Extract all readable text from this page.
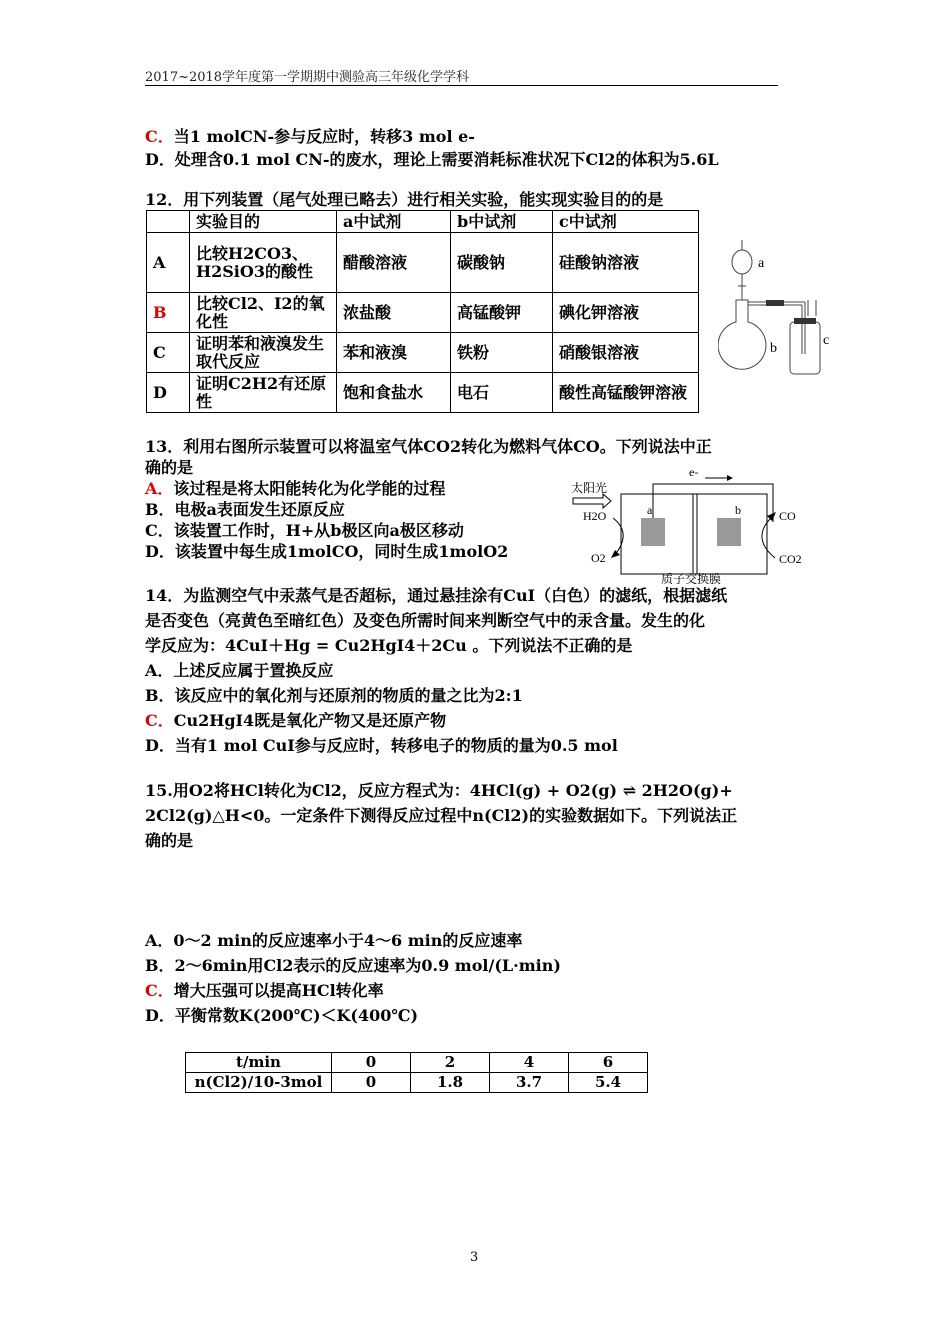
2017~2018学年度第一学期期中测验高三年级化学学科
C．当1 molCN-参与反应时，转移3 mol e-
D．处理含0.1 mol CN-的废水，理论上需要消耗标准状况下Cl2的体积为5.6L
12．用下列装置（尾气处理已略去）进行相关实验，能实现实验目的的是
	实验目的	a中试剂	b中试剂	c中试剂
A	比较H2CO3、H2SiO3的酸性	醋酸溶液	碳酸钠	硅酸钠溶液
B	比较Cl2、I2的氧化性	浓盐酸	高锰酸钾	碘化钾溶液
C	证明苯和液溴发生取代反应	苯和液溴	铁粉	硝酸银溶液
D	证明C2H2有还原性	饱和食盐水	电石	酸性高锰酸钾溶液
a
b
c
13．利用右图所示装置可以将温室气体CO2转化为燃料气体CO。下列说法中正
确的是
A．该过程是将太阳能转化为化学能的过程
B．电极a表面发生还原反应
C．该装置工作时，H+从b极区向a极区移动
D．该装置中每生成1molCO，同时生成1molO2
e-
太阳光
a	b
H2O
O2
CO
CO2
质子交换膜
14．为监测空气中汞蒸气是否超标，通过悬挂涂有CuI（白色）的滤纸，根据滤纸
是否变色（亮黄色至暗红色）及变色所需时间来判断空气中的汞含量。发生的化
学反应为：4CuI＋Hg = Cu2HgI4＋2Cu 。下列说法不正确的是
A．上述反应属于置换反应
B．该反应中的氧化剂与还原剂的物质的量之比为2:1
C．Cu2HgI4既是氧化产物又是还原产物
D．当有1 mol CuI参与反应时，转移电子的物质的量为0.5 mol
15.用O2将HCl转化为Cl2，反应方程式为：4HCl(g) + O2(g) ⇌ 2H2O(g)+
2Cl2(g)△H<0。一定条件下测得反应过程中n(Cl2)的实验数据如下。下列说法正
确的是
A．0～2 min的反应速率小于4～6 min的反应速率
B．2～6min用Cl2表示的反应速率为0.9 mol/(L·min)
C．增大压强可以提高HCl转化率
D．平衡常数K(200℃)＜K(400℃)
t/min	0	2	4	6
n(Cl2)/10-3mol	0	1.8	3.7	5.4
3
